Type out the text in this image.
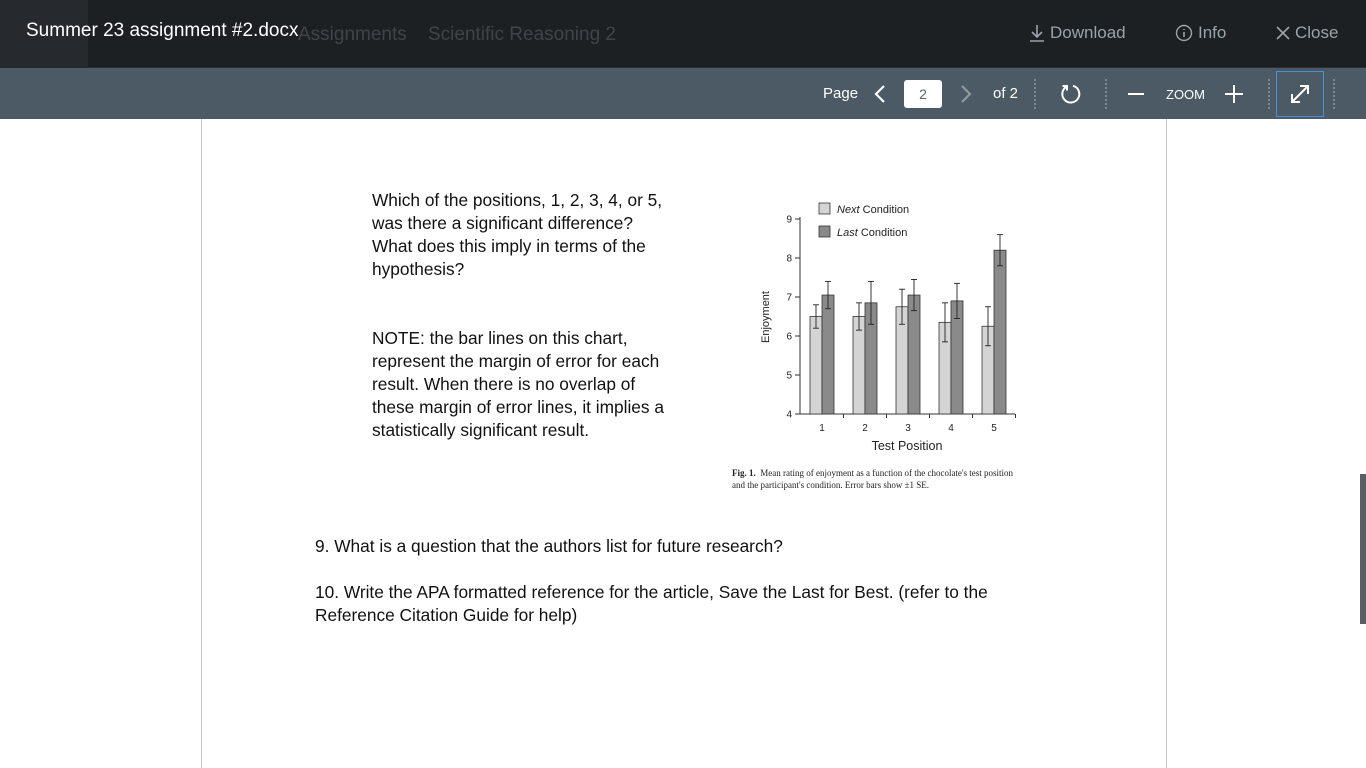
Assignments Scientific Reasoning 2
Summer 23 assignment #2.docx	Download	Info	Close
Page
2	of 2	ZOOM
Which of the positions, 1, 2, 3, 4, or 5,
was there a significant difference?
What does this imply in terms of the
hypothesis?
NOTE: the bar lines on this chart,
represent the margin of error for each
result. When there is no overlap of
these margin of error lines, it implies a
statistically significant result.
Enjoyment
Test Position
4
5
6
7
8
9
1	2	3	4	5
Next Condition
Last Condition
Fig. 1. Mean rating of enjoyment as a function of the chocolate's test position
and the participant's condition. Error bars show ±1 SE.
9. What is a question that the authors list for future research?
10. Write the APA formatted reference for the article, Save the Last for Best. (refer to the
Reference Citation Guide for help)
